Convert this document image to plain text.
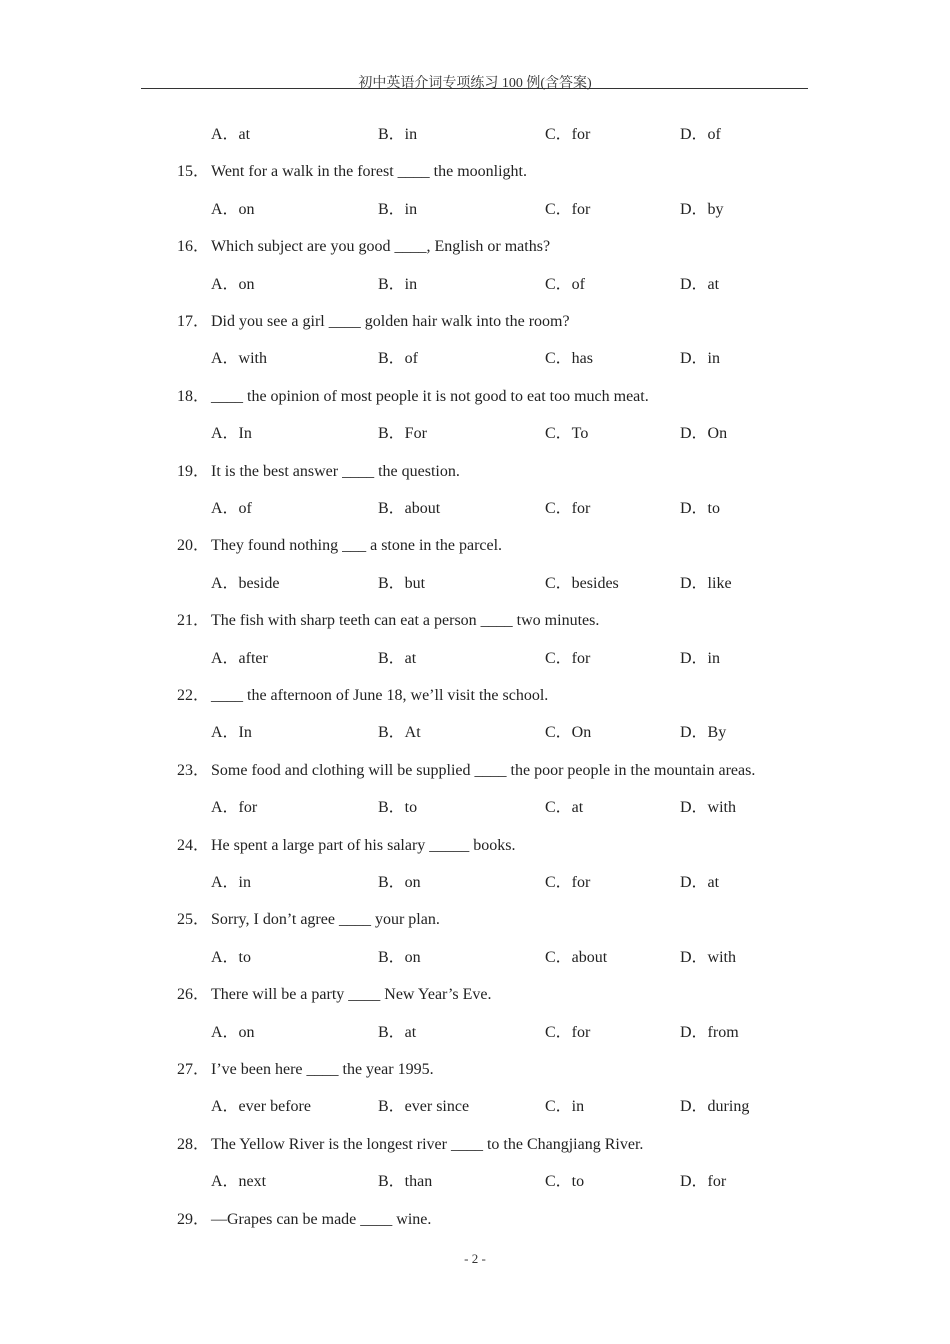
初中英语介词专项练习 100 例(含答案)
A．at	B．in	C．for	D．of
15． Went for a walk in the forest ____ the moonlight.
A．on	B．in	C．for	D．by
16． Which subject are you good ____, English or maths?
A．on	B．in	C．of	D．at
17． Did you see a girl ____ golden hair walk into the room?
A．with	B．of	C．has	D．in
18． ____ the opinion of most people it is not good to eat too much meat.
A．In	B．For	C．To	D．On
19． It is the best answer ____ the question.
A．of	B．about	C．for	D．to
20． They found nothing ___ a stone in the parcel.
A．beside	B．but	C．besides	D．like
21． The fish with sharp teeth can eat a person ____ two minutes.
A．after	B．at	C．for	D．in
22． ____ the afternoon of June 18, we’ll visit the school.
A．In	B．At	C．On	D．By
23． Some food and clothing will be supplied ____ the poor people in the mountain areas.
A．for	B．to	C．at	D．with
24． He spent a large part of his salary _____ books.
A．in	B．on	C．for	D．at
25． Sorry, I don’t agree ____ your plan.
A．to	B．on	C．about	D．with
26． There will be a party ____ New Year’s Eve.
A．on	B．at	C．for	D．from
27． I’ve been here ____ the year 1995.
A．ever before	B．ever since	C．in	D．during
28． The Yellow River is the longest river ____ to the Changjiang River.
A．next	B．than	C．to	D．for
29． —Grapes can be made ____ wine.
- 2 -
